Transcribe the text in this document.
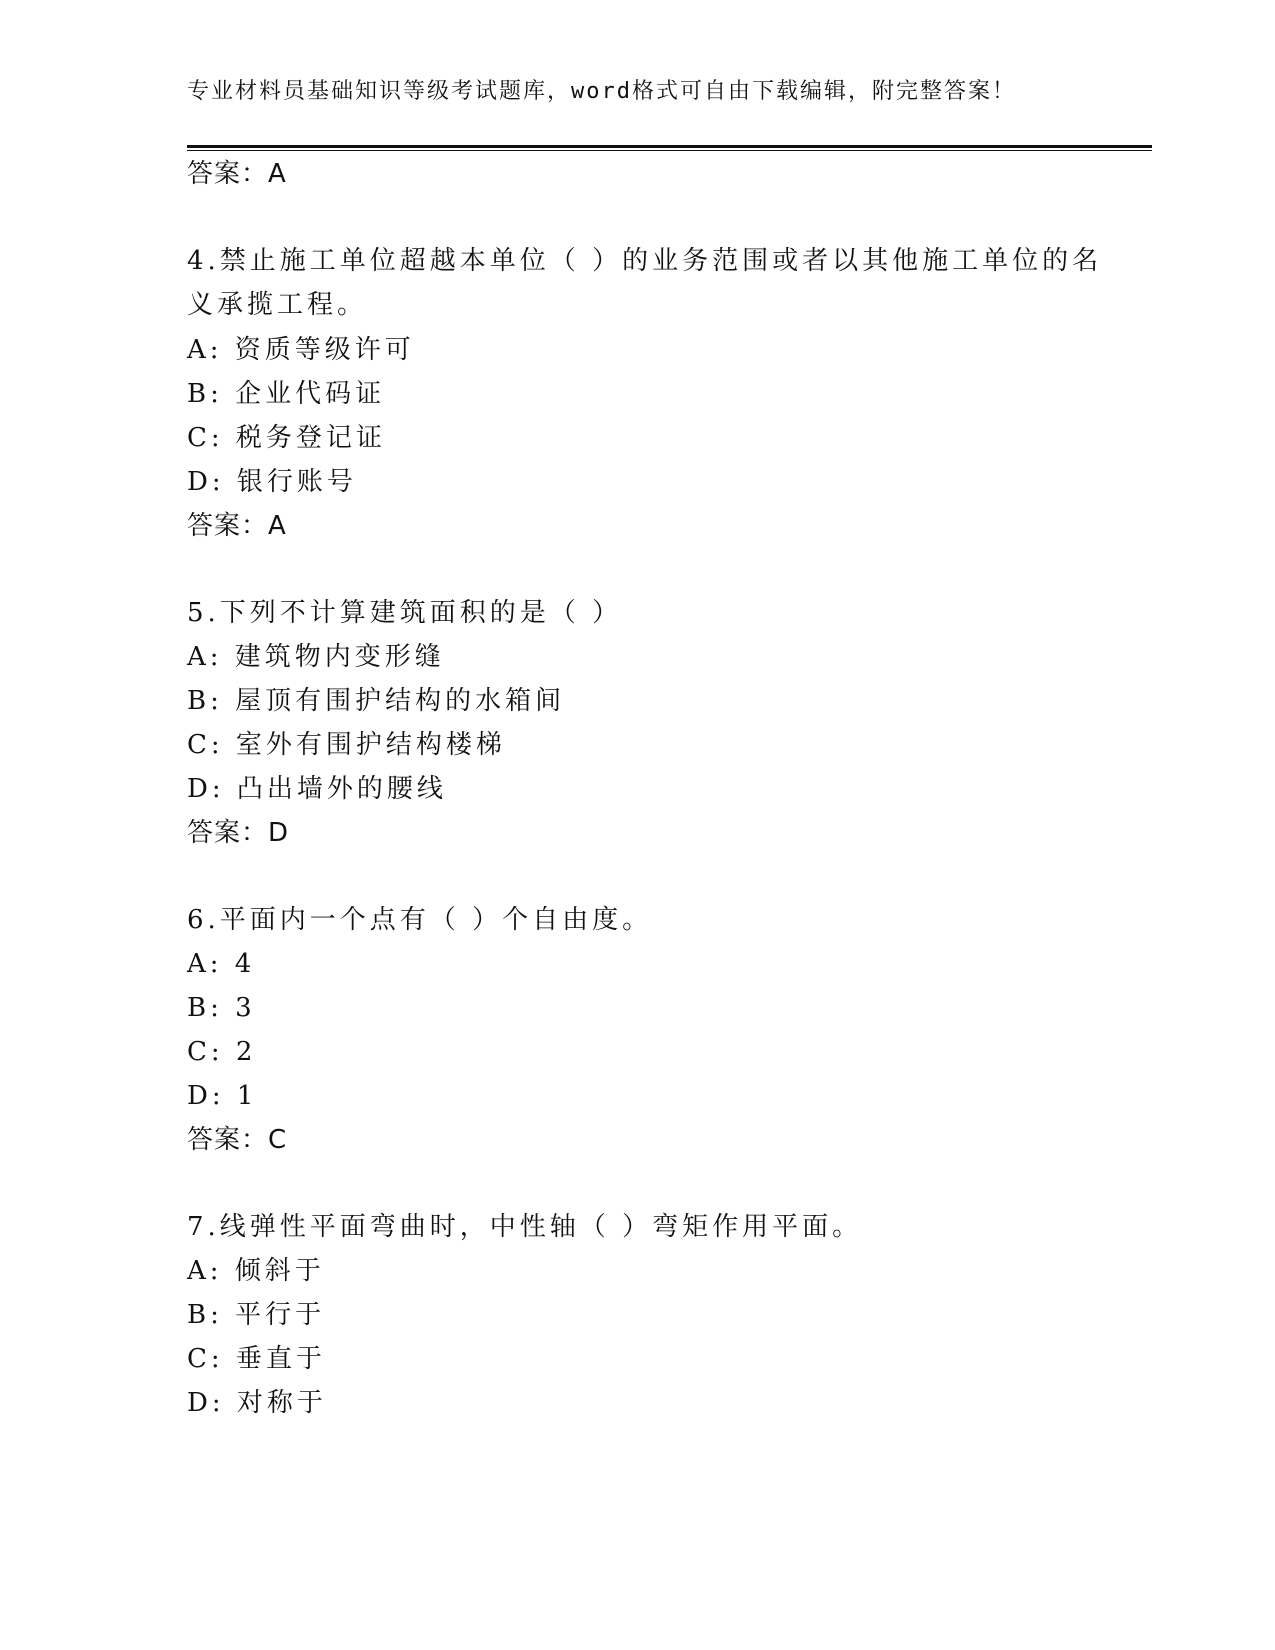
专业材料员基础知识等级考试题库，word格式可自由下载编辑，附完整答案！
答案：A
4.禁止施工单位超越本单位（ ）的业务范围或者以其他施工单位的名
义承揽工程。
A: 资质等级许可
B: 企业代码证
C: 税务登记证
D: 银行账号
答案：A
5.下列不计算建筑面积的是（ ）
A: 建筑物内变形缝
B: 屋顶有围护结构的水箱间
C: 室外有围护结构楼梯
D: 凸出墙外的腰线
答案：D
6.平面内一个点有（ ）个自由度。
A: 4
B: 3
C: 2
D: 1
答案：C
7.线弹性平面弯曲时，中性轴（ ）弯矩作用平面。
A: 倾斜于
B: 平行于
C: 垂直于
D: 对称于
